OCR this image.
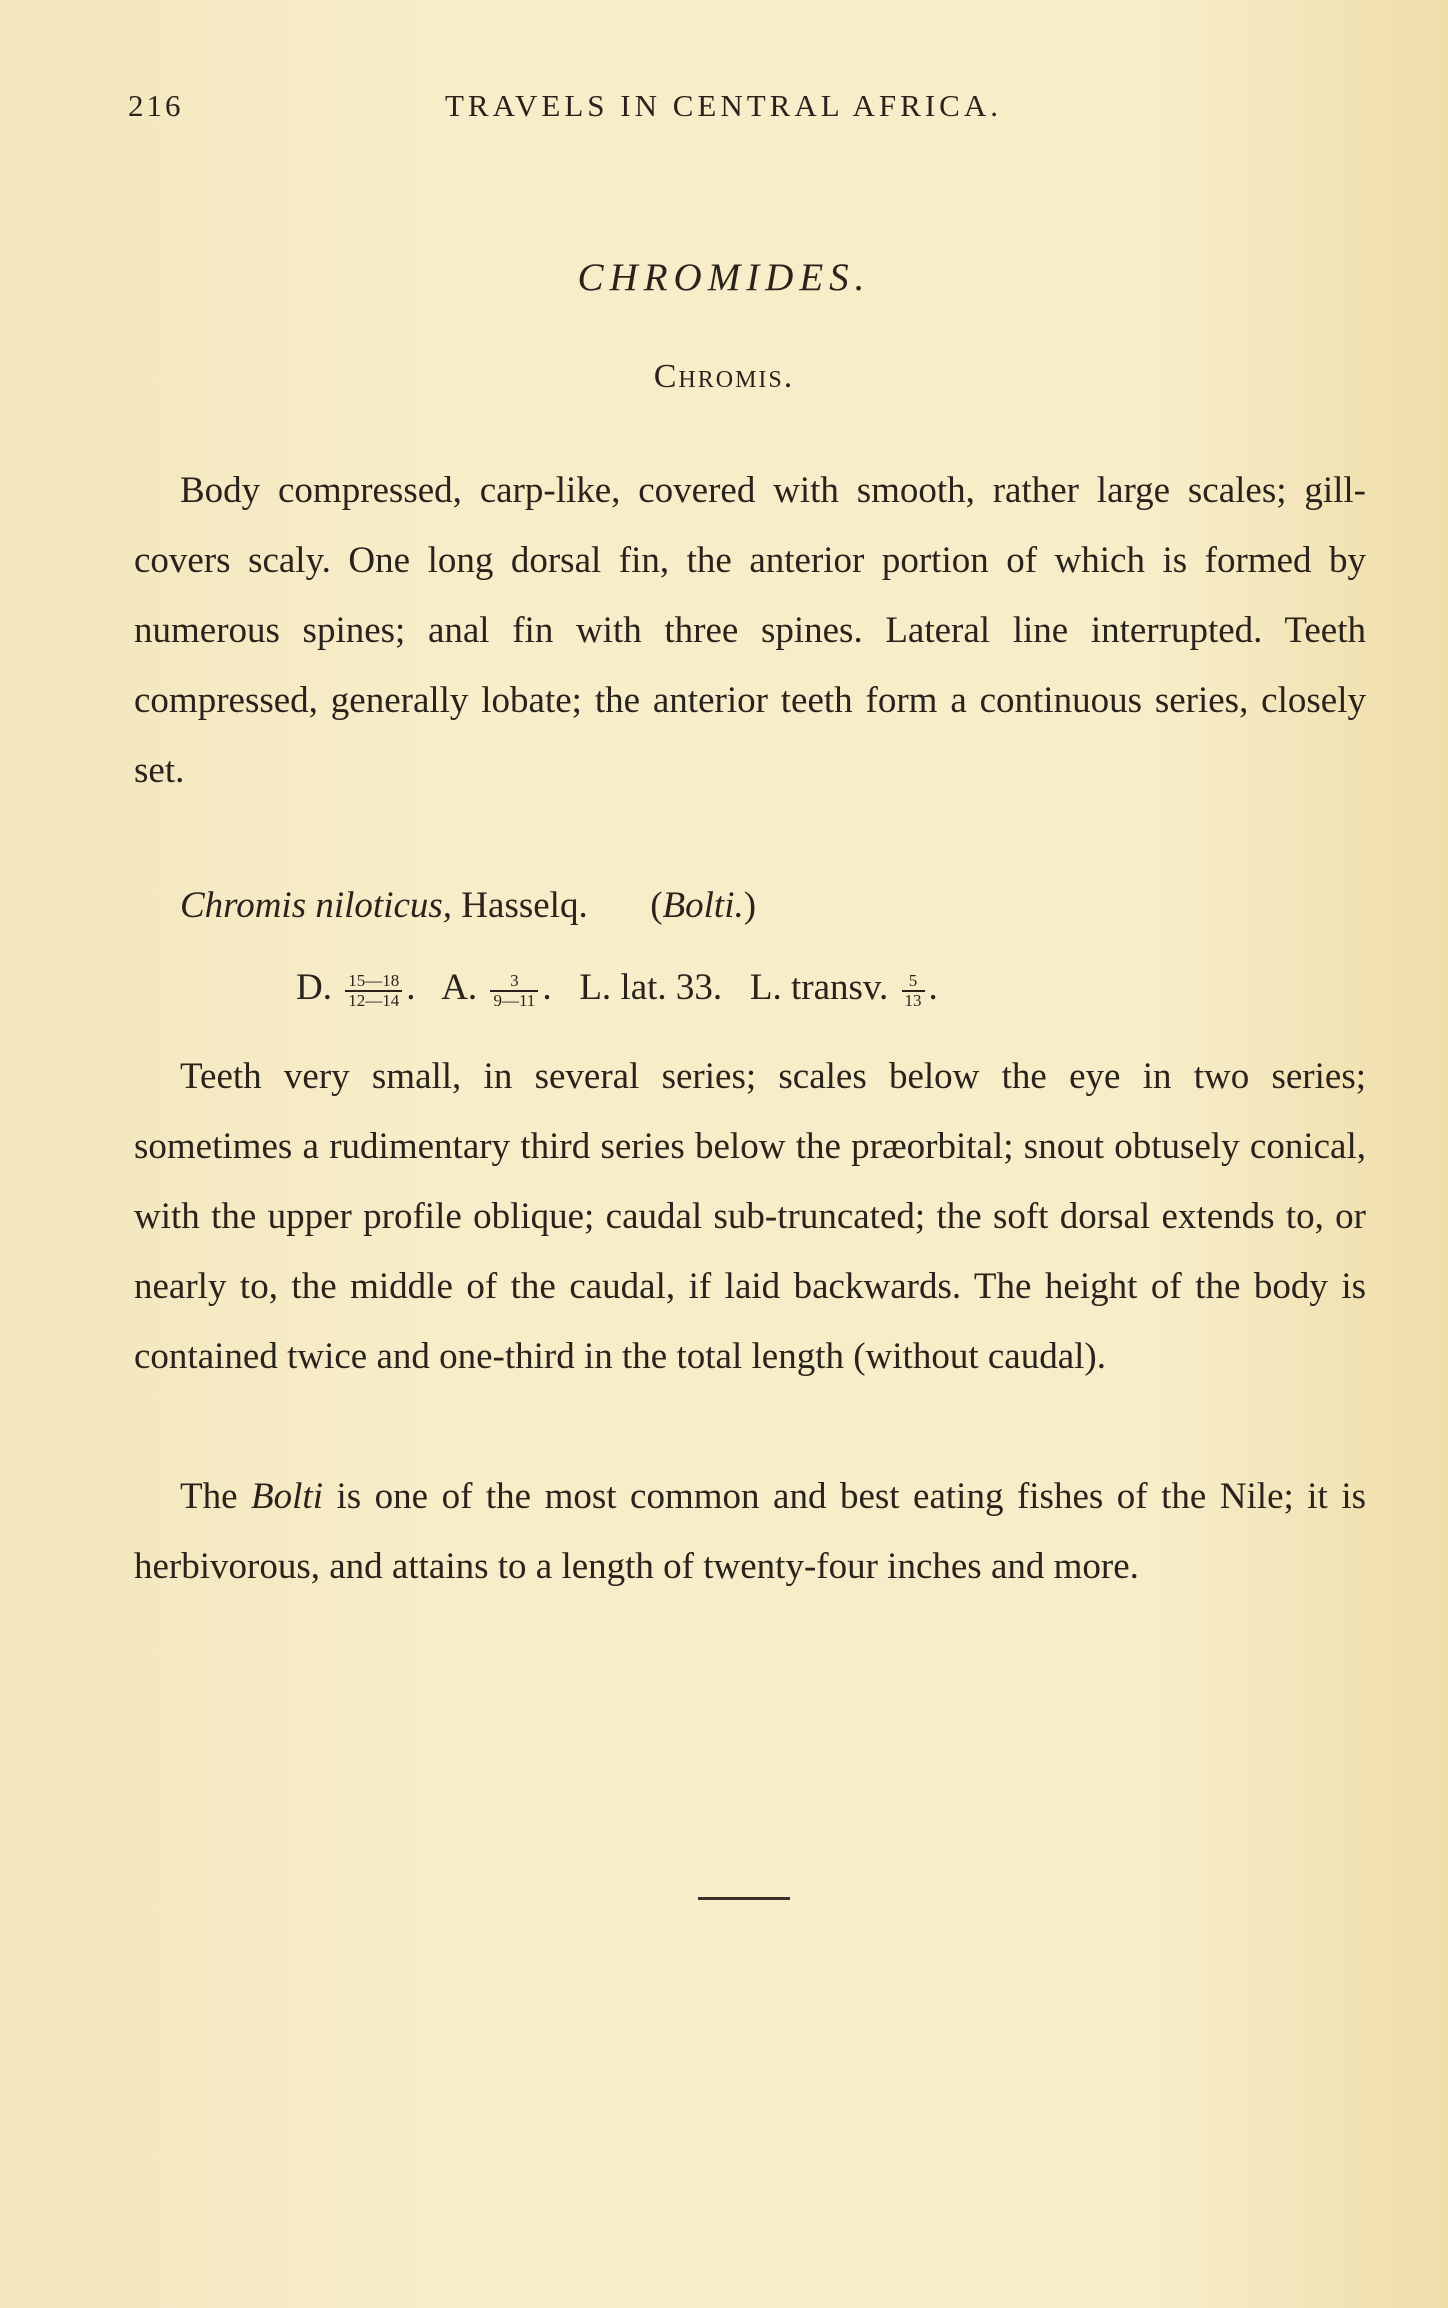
216	TRAVELS IN CENTRAL AFRICA.
CHROMIDES.
Chromis.

Body compressed, carp-like, covered with smooth, rather large scales; gill-covers scaly. One long dorsal fin, the anterior portion of which is formed by numerous spines; anal fin with three spines. Lateral line interrupted. Teeth compressed, generally lobate; the anterior teeth form a continuous series, closely set.

Chromis niloticus, Hasselq.  (Bolti.)
D. $\frac{15—18}{12—14}$ .   A. $\frac{3}{9—11}$ .   L. lat. 33. L. transv. $\frac{5}{13}$ .

Teeth very small, in several series; scales below the eye in two series; sometimes a rudimentary third series below the præorbital; snout obtusely conical, with the upper profile oblique; caudal sub-truncated; the soft dorsal extends to, or nearly to, the middle of the caudal, if laid backwards. The height of the body is contained twice and one-third in the total length (without caudal).

The Bolti is one of the most common and best eating fishes of the Nile; it is herbivorous, and attains to a length of twenty-four inches and more.
